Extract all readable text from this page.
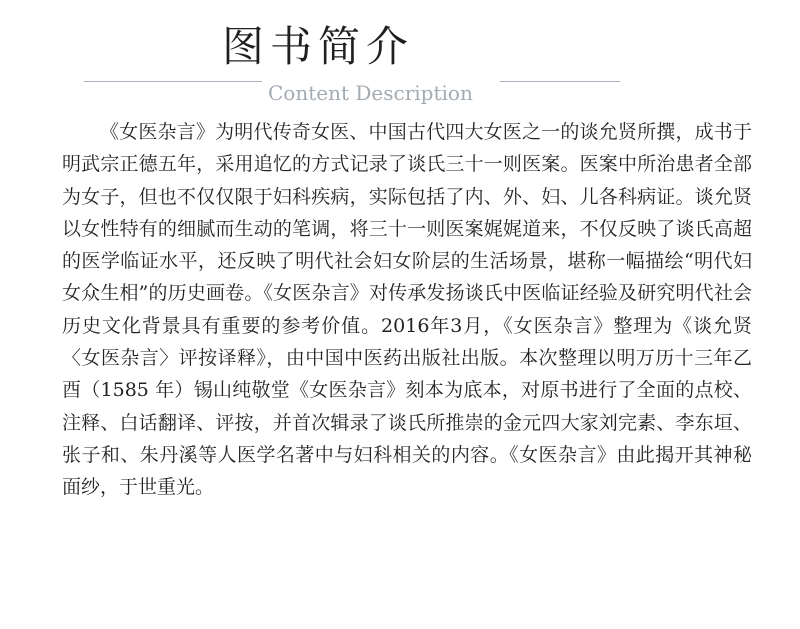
图书简介
Content Description

《女医杂言》为明代传奇女医、中国古代四大女医之一的谈允贤所撰，成书于明武宗正德五年，采用追忆的方式记录了谈氏三十一则医案。医案中所治患者全部为女子，但也不仅仅限于妇科疾病，实际包括了内、外、妇、儿各科病证。谈允贤以女性特有的细腻而生动的笔调，将三十一则医案娓娓道来，不仅反映了谈氏高超的医学临证水平，还反映了明代社会妇女阶层的生活场景，堪称一幅描绘“明代妇女众生相”的历史画卷。《女医杂言》对传承发扬谈氏中医临证经验及研究明代社会历史文化背景具有重要的参考价值。2016年3月，《女医杂言》整理为《谈允贤〈女医杂言〉评按译释》，由中国中医药出版社出版。本次整理以明万历十三年乙酉（1585 年）锡山纯敬堂《女医杂言》刻本为底本，对原书进行了全面的点校、注释、白话翻译、评按，并首次辑录了谈氏所推崇的金元四大家刘完素、李东垣、张子和、朱丹溪等人医学名著中与妇科相关的内容。《女医杂言》由此揭开其神秘面纱，于世重光。
